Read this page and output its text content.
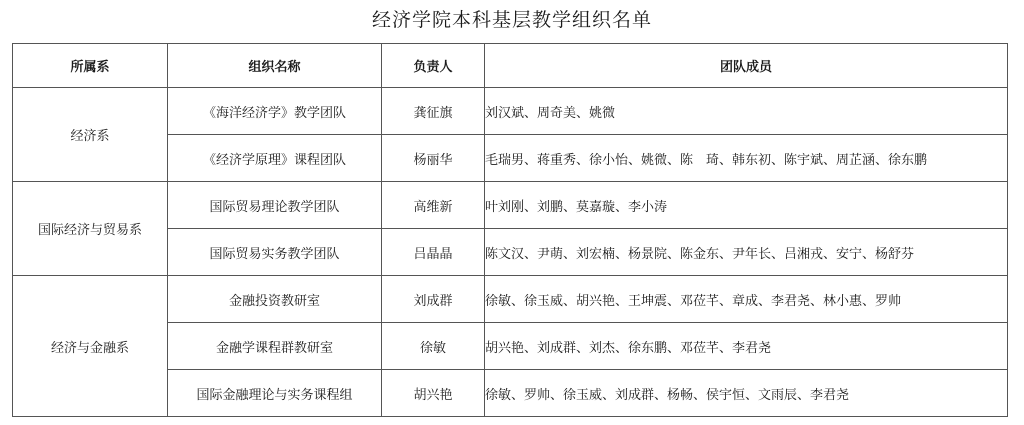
经济学院本科基层教学组织名单
所属系	组织名称	负责人	团队成员
经济系	《海洋经济学》教学团队	龚征旗	刘汉斌、周奇美、姚微
	《经济学原理》课程团队	杨丽华	毛瑞男、蒋重秀、徐小怡、姚微、陈　琦、韩东初、陈宇斌、周芷涵、徐东鹏
国际经济与贸易系	国际贸易理论教学团队	高维新	叶刘刚、刘鹏、莫嘉璇、李小涛
	国际贸易实务教学团队	吕晶晶	陈文汉、尹萌、刘宏楠、杨景院、陈金东、尹年长、吕湘戎、安宁、杨舒芬
经济与金融系	金融投资教研室	刘成群	徐敏、徐玉威、胡兴艳、王坤震、邓莅芊、章成、李君尧、林小惠、罗帅
	金融学课程群教研室	徐敏	胡兴艳、刘成群、刘杰、徐东鹏、邓莅芊、李君尧
	国际金融理论与实务课程组	胡兴艳	徐敏、罗帅、徐玉威、刘成群、杨畅、侯宇恒、文雨辰、李君尧
